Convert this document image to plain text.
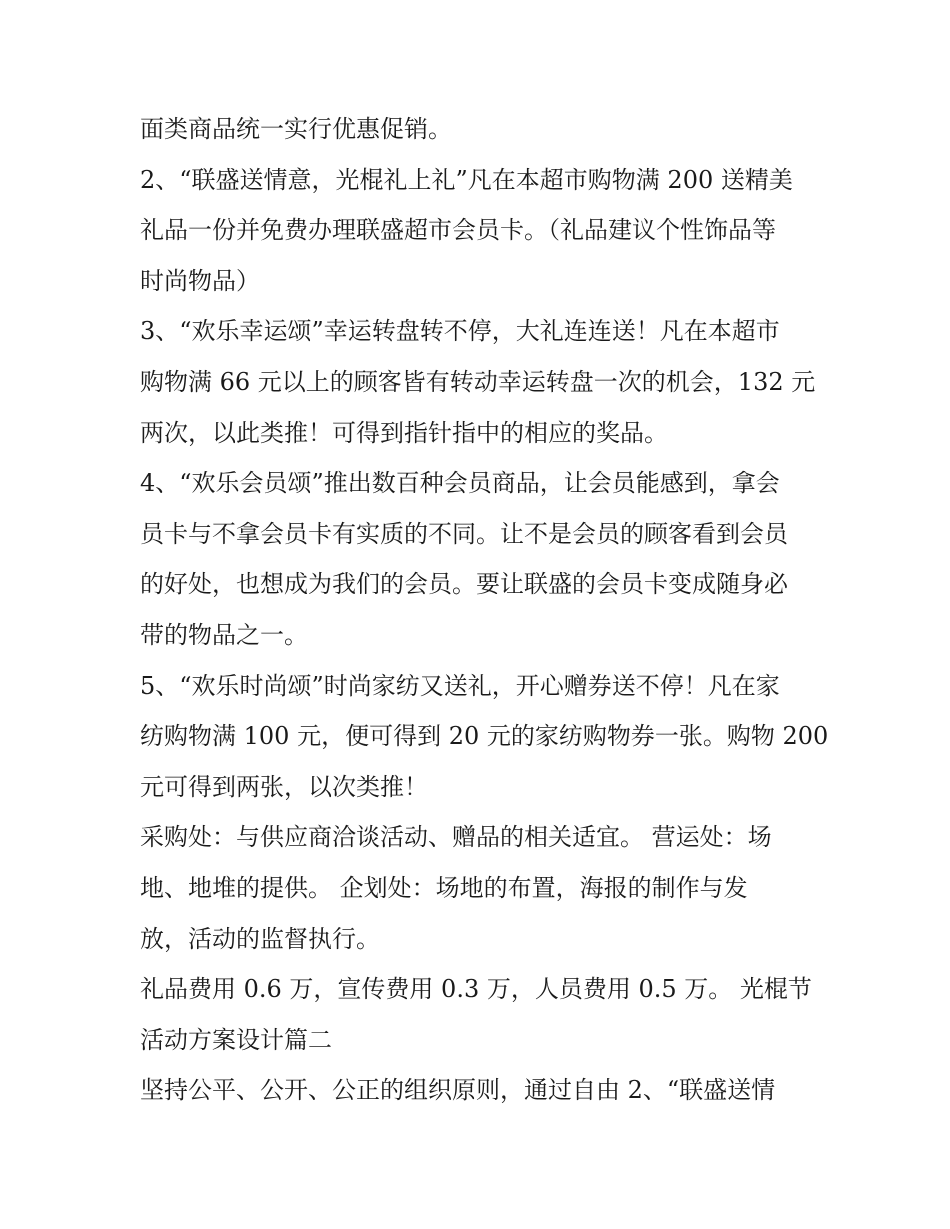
面类商品统一实行优惠促销。
2、“联盛送情意，光棍礼上礼”凡在本超市购物满 200 送精美
礼品一份并免费办理联盛超市会员卡。（礼品建议个性饰品等
时尚物品）
3、“欢乐幸运颂”幸运转盘转不停，大礼连连送！凡在本超市
购物满 66 元以上的顾客皆有转动幸运转盘一次的机会，132 元
两次，以此类推！可得到指针指中的相应的奖品。
4、“欢乐会员颂”推出数百种会员商品，让会员能感到，拿会
员卡与不拿会员卡有实质的不同。让不是会员的顾客看到会员
的好处，也想成为我们的会员。要让联盛的会员卡变成随身必
带的物品之一。
5、“欢乐时尚颂”时尚家纺又送礼，开心赠券送不停！凡在家
纺购物满 100 元，便可得到 20 元的家纺购物券一张。购物 200
元可得到两张，以次类推！
采购处：与供应商洽谈活动、赠品的相关适宜。 营运处：场
地、地堆的提供。 企划处：场地的布置，海报的制作与发
放，活动的监督执行。
礼品费用 0.6 万，宣传费用 0.3 万，人员费用 0.5 万。 光棍节
活动方案设计篇二
坚持公平、公开、公正的组织原则，通过自由 2、“联盛送情
